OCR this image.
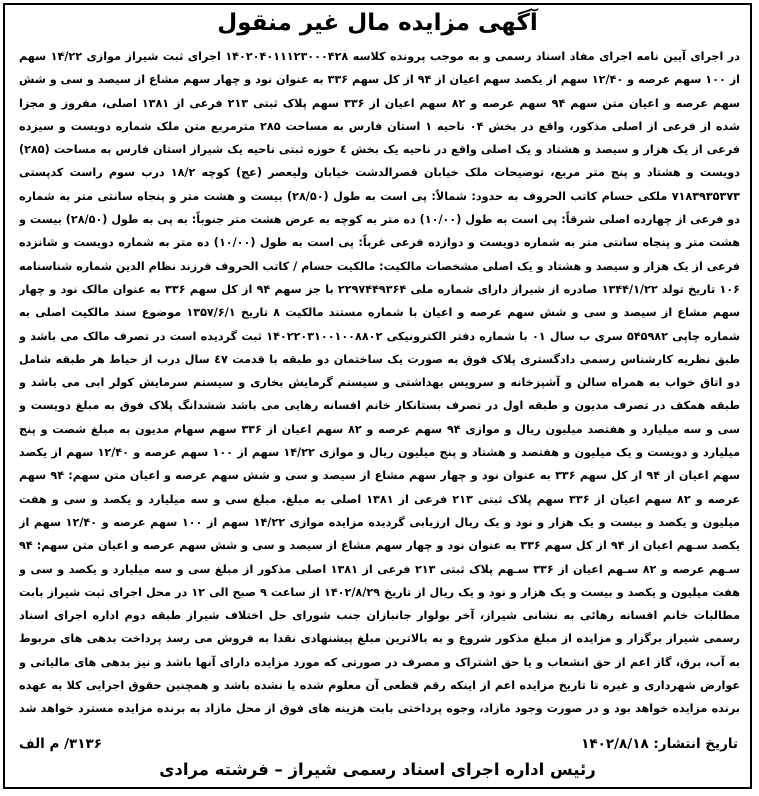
آگهی مزایده مال غیر منقول
در اجرای آیین نامه اجرای مفاد اسناد رسمی و به موجب پرونده کلاسه ۱۴۰۲۰۴۰۱۱۱۲۳۰۰۰۴۲۸ اجرای ثبت شیراز موازی ۱۴/۲۲ سهم از ۱۰۰ سهم عرصه و ۱۲/۴۰ سهم از یکصد سهم اعیان از ۹۴ از کل سهم ۳۳۶ به عنوان نود و چهار سهم مشاع از سیصد و سی و شش سهم عرصه و اعیان متن سهم ۹۴ سهم عرصه و ۸۲ سهم اعیان از ۳۳۶ سهم پلاک ثبتی ۲۱۳ فرعی از ۱۳۸۱ اصلی، مفروز و مجزا شده از فرعی از اصلی مذکور، واقع در بخش ۰۴ ناحیه ۱ استان فارس به مساحت ۲۸۵ مترمربع متن ملک شماره دویست و سیزده فرعی از یک هزار و سیصد و هشتاد و یک اصلی واقع در ناحیه یک بخش ٤ حوزه ثبتی ناحیه یک شیراز استان فارس به مساحت (۲۸۵) دویست و هشتاد و پنج متر مربع، توضیحات ملک خیابان قصرالدشت خیابان ولیعصر (عج) کوچه ۱۸/۲ درب سوم راست کدپستی ۷۱۸۳۹۳۵۳۷۳ ملکی حسام کاتب الحروف به حدود: شمالاً: پی است به طول (۲۸/۵۰) بیست و هشت متر و پنجاه سانتی متر به شماره دو فرعی از چهارده اصلی شرقاً: پی است به طول (۱۰/۰۰) ده متر به کوچه به عرض هشت متر جنوباً: به پی به طول (۲۸/۵۰) بیست و هشت متر و پنجاه سانتی متر به شماره دویست و دوازده فرعی غرباً: پی است به طول (۱۰/۰۰) ده متر به شماره دویست و شانزده فرعی از یک هزار و سیصد و هشتاد و یک اصلی مشخصات مالکیت: مالکیت حسام / کاتب الحروف فرزند نظام الدین شماره شناسنامه ۱۰۶ تاریخ تولد ۱۳۴۴/۱/۲۲ صادره از شیراز دارای شماره ملی ۲۲۹۷۴۴۹۳۶۴ با جز سهم ۹۴ از کل سهم ۳۳۶ به عنوان مالک نود و چهار سهم مشاع از سیصد و سی و شش سهم عرصه و اعیان با شماره مستند مالکیت ۸ تاریخ ۱۳۵۷/۶/۱ موضوع سند مالکیت اصلی به شماره چاپی ۵۴۵۹۸۲ سری ب سال ۰۱ با شماره دفتر الکترونیکی ۱۴۰۲۲۰۳۱۰۰۱۰۰۸۸۰۲ ثبت گردیده است در تصرف مالک می باشد و طبق نظریه کارشناس رسمی دادگستری پلاک فوق به صورت یک ساختمان دو طبقه با قدمت ٤٧ سال درب از حیاط هر طبقه شامل دو اتاق خواب به همراه سالن و آشپزخانه و سرویس بهداشتی و سیستم گرمایش بخاری و سیستم سرمایش کولر ابی می باشد و طبقه همکف در تصرف مدیون و طبقه اول در تصرف بستانکار خانم افسانه رهایی می باشد ششدانگ پلاک فوق به مبلغ دویست و سی و سه میلیارد و هفتصد میلیون ریال و موازی ۹۴ سهم عرصه و ۸۲ سهم اعیان از ۳۳۶ سهم سهام مدیون به مبلغ شصت و پنج میلیارد و دویست و یک میلیون و هفتصد و هشتاد و پنج میلیون ریال و موازی ۱۴/۲۲ سهم از ۱۰۰ سهم عرصه و ۱۲/۴۰ سهم از یکصد سهم اعیان از ۹۴ از کل سهم ۳۳۶ به عنوان نود و چهار سهم مشاع از سیصد و سی و شش سهم عرصه و اعیان متن سهم: ۹۴ سهم عرصه و ۸۲ سهم اعیان از ۳۳۶ سهم پلاک ثبتی ۲۱۳ فرعی از ۱۳۸۱ اصلی به مبلغ. مبلغ سی و سه میلیارد و یکصد و سی و هفت میلیون و یکصد و بیست و یک هزار و نود و یک ریال ارزیابی گردیده مزایده موازی ۱۴/۲۲ سهم از ۱۰۰ سهم عرصه و ۱۲/۴۰ سهم از یکصد سـهم اعیان از ۹۴ از کل سهم ۳۳۶ به عنوان نود و چهار سهم مشاع از سیصد و سی و شش سهم عرصه و اعیان متن سهم: ۹۴ سـهم عرصه و ۸۲ سـهم اعیان از ۳۳۶ سـهم پلاک ثبتی ۲۱۳ فرعی از ۱۳۸۱ اصلی مذکور از مبلغ سی و سه میلیارد و یکصد و سی و هفت میلیون و یکصد و بیست و یک هزار و نود و یک ریال از تاریخ ۱۴۰۲/۸/۲۹ از ساعت ۹ صبح الی ۱۲ در محل اجرای ثبت شیراز بابت مطالبات خانم افسانه رهائی به نشانی شیراز، آخر بولوار جانبازان جنب شورای حل اختلاف شیراز طبقه دوم اداره اجرای اسناد رسمی شیراز برگزار و مزایده از مبلغ مذکور شروع و به بالاترین مبلغ پیشنهادی نقدا به فروش می رسد پرداخت بدهی های مربوط به آب، برق، گاز اعم از حق انشعاب و یا حق اشتراک و مصرف در صورتی که مورد مزایده دارای آنها باشد و نیز بدهی های مالیاتی و عوارض شهرداری و غیره تا تاریخ مزایده اعم از اینکه رقم قطعی آن معلوم شده یا نشده باشد و همچنین حقوق اجرایی کلا به عهده برنده مزایده خواهد بود و در صورت وجود مازاد، وجوه پرداختی بابت هزینه های فوق از محل مازاد به برنده مزایده مسترد خواهد شد
تاریخ انتشار: ۱۴۰۲/۸/۱۸
۳۱۳۶/ م الف
رئیس اداره اجرای اسناد رسمی شیراز – فرشته مرادی
